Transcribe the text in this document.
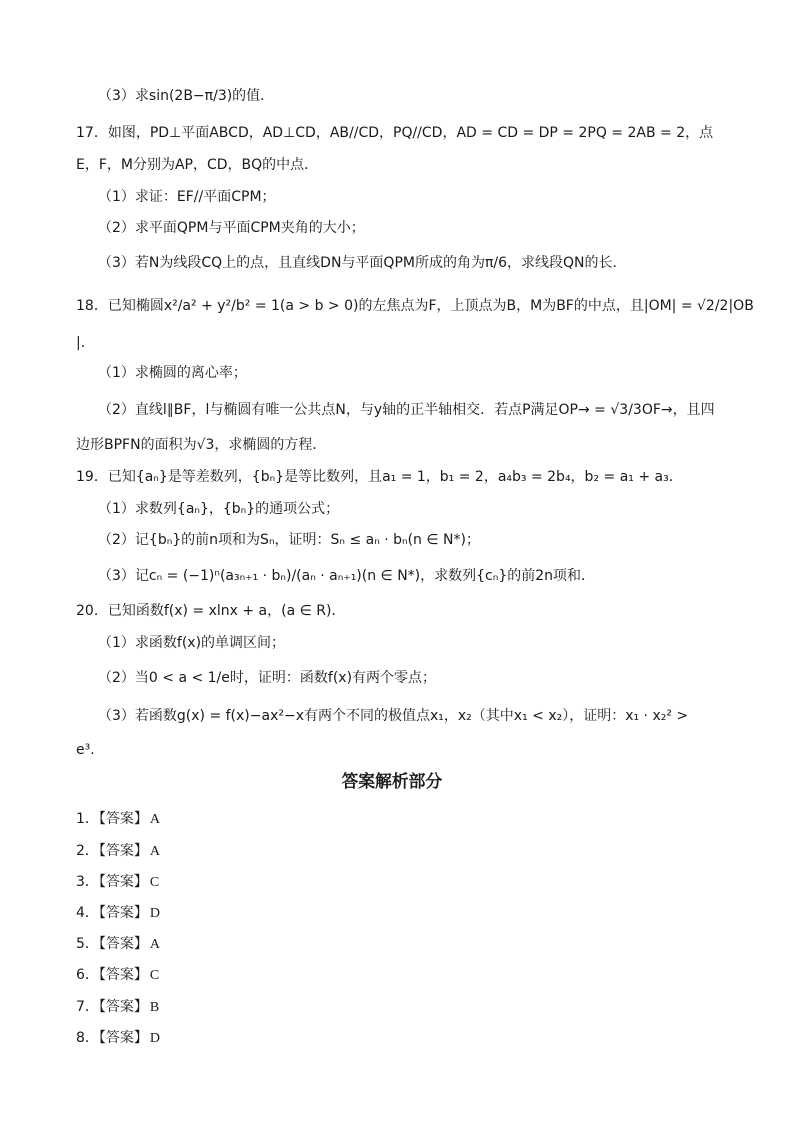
（3）求sin(2B−π/3)的值．
17．如图，PD⊥平面ABCD，AD⊥CD，AB//CD，PQ//CD，AD = CD = DP = 2PQ = 2AB = 2，点
E，F，M分别为AP，CD，BQ的中点．
（1）求证：EF//平面CPM；
（2）求平面QPM与平面CPM夹角的大小；
（3）若N为线段CQ上的点，且直线DN与平面QPM所成的角为π/6，求线段QN的长．
18．已知椭圆x²/a² + y²/b² = 1(a > b > 0)的左焦点为F，上顶点为B，M为BF的中点，且|OM| = √2/2|OB
|．
（1）求椭圆的离心率；
（2）直线l∥BF，l与椭圆有唯一公共点N，与y轴的正半轴相交．若点P满足OP→ = √3/3OF→，且四
边形BPFN的面积为√3，求椭圆的方程．
19．已知{aₙ}是等差数列，{bₙ}是等比数列，且a₁ = 1，b₁ = 2，a₄b₃ = 2b₄，b₂ = a₁ + a₃．
（1）求数列{aₙ}，{bₙ}的通项公式；
（2）记{bₙ}的前n项和为Sₙ，证明：Sₙ ≤ aₙ · bₙ(n ∈ N*)；
（3）记cₙ = (−1)ⁿ(a₃ₙ₊₁ · bₙ)/(aₙ · aₙ₊₁)(n ∈ N*)，求数列{cₙ}的前2n项和．
20．已知函数f(x) = xlnx + a，(a ∈ R)．
（1）求函数f(x)的单调区间；
（2）当0 < a < 1/e时，证明：函数f(x)有两个零点；
（3）若函数g(x) = f(x)−ax²−x有两个不同的极值点x₁，x₂（其中x₁ < x₂），证明：x₁ · x₂² >
e³．
答案解析部分
1．【答案】 A
2．【答案】 A
3．【答案】 C
4．【答案】 D
5．【答案】 A
6．【答案】 C
7．【答案】 B
8．【答案】 D
